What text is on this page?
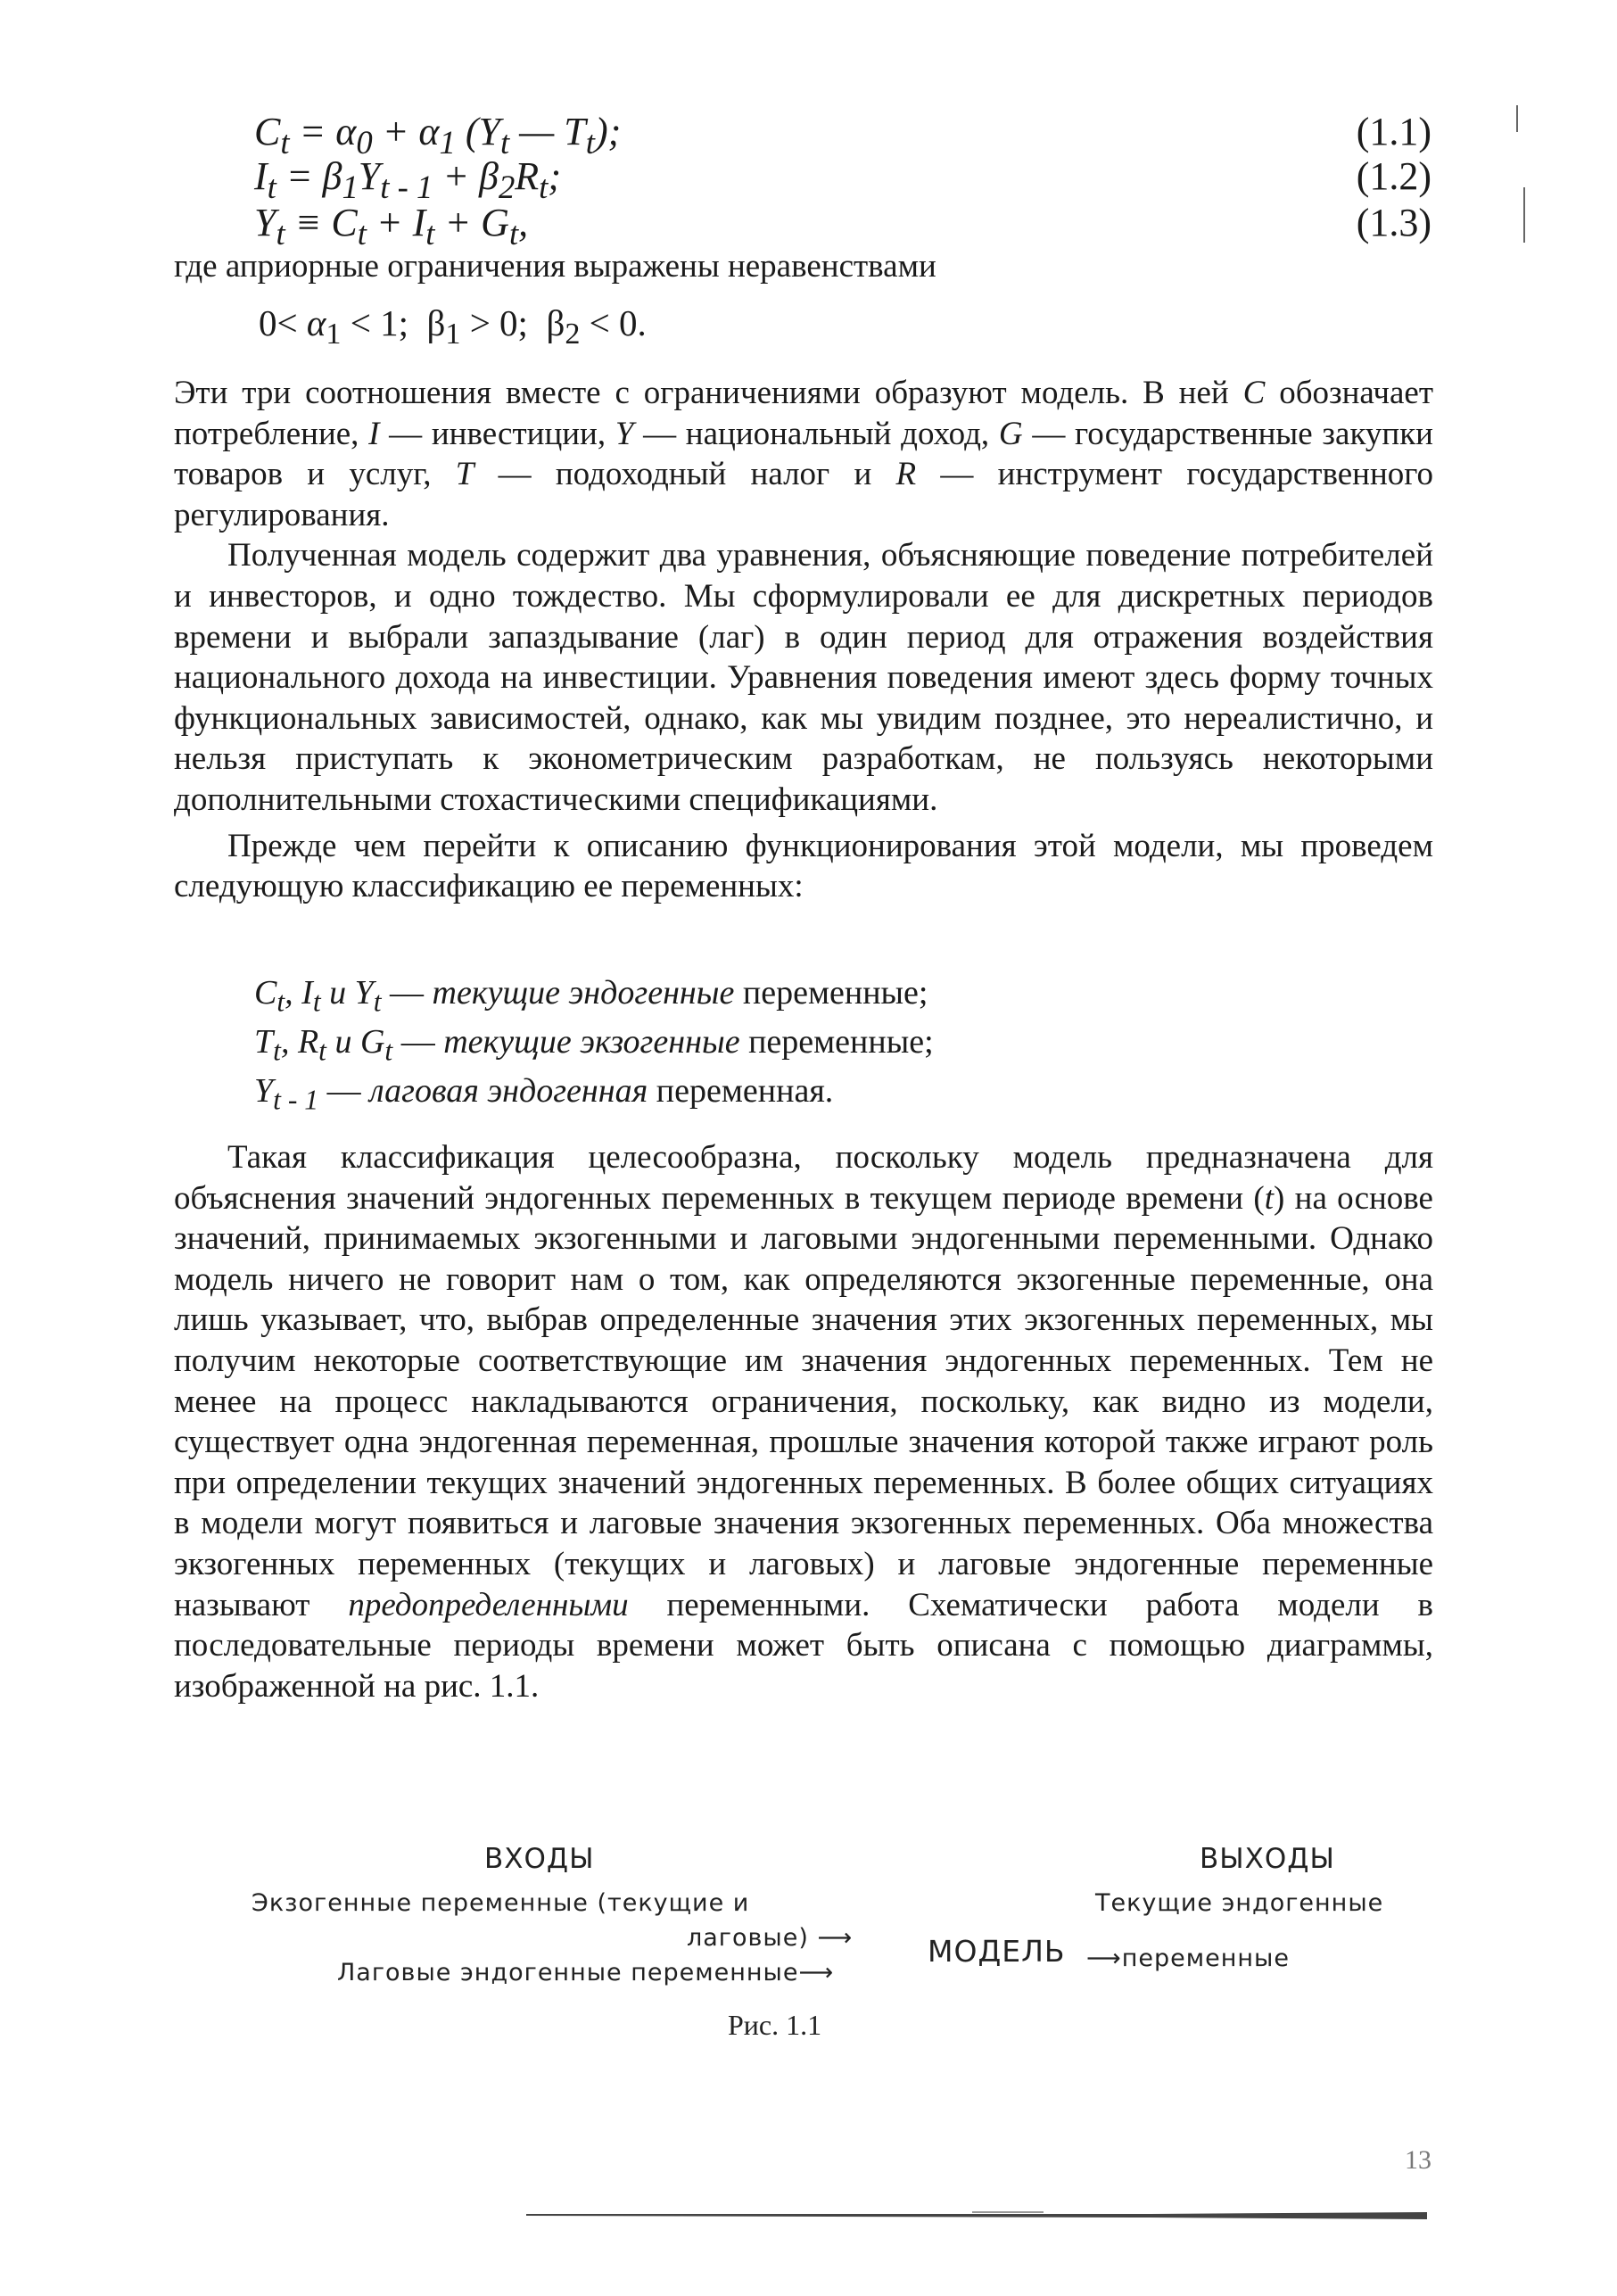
$C_t = \alpha_0 + \alpha_1$ ($Y_t$ — $T_t$);	(1.1)
$I_t = \beta_1Y_{t - 1} + \beta_2R_t$;	(1.2)
$Y_t \equiv C_t + I_t + G_t$,	(1.3)
где априорные ограничения выражены неравенствами
$0< \alpha_1 < 1$;  $\beta_1 > 0$;  $\beta_2 < 0$.

Эти три соотношения вместе с ограничениями образуют модель. В ней C обозначает потребление, I — инвестиции, Y — национальный доход, G — государственные закупки товаров и услуг, T — подоходный налог и R — инструмент государственного регулирования.

Полученная модель содержит два уравнения, объясняющие поведение потребителей и инвесторов, и одно тождество. Мы сформулировали ее для дискретных периодов времени и выбрали запаздывание (лаг) в один период для отражения воздействия национального дохода на инвестиции. Уравнения поведения имеют здесь форму точных функциональных зависимостей, однако, как мы увидим позднее, это нереалистично, и нельзя приступать к эконометрическим разработкам, не пользуясь некоторыми дополнительными стохастическими спецификациями.

Прежде чем перейти к описанию функционирования этой модели, мы проведем следующую классификацию ее переменных:

$C_t$, $I_t$ и $Y_t$ — текущие эндогенные переменные;
$T_t$, $R_t$ и $G_t$ — текущие экзогенные переменные;
$Y_{t - 1}$ — лаговая эндогенная переменная.

Такая классификация целесообразна, поскольку модель предназначена для объяснения значений эндогенных переменных в текущем периоде времени (t) на основе значений, принимаемых экзогенными и лаговыми эндогенными переменными. Однако модель ничего не говорит нам о том, как определяются экзогенные переменные, она лишь указывает, что, выбрав определенные значения этих экзогенных переменных, мы получим некоторые соответствующие им значения эндогенных переменных. Тем не менее на процесс накладываются ограничения, поскольку, как видно из модели, существует одна эндогенная переменная, прошлые значения которой также играют роль при определении текущих значений эндогенных переменных. В более общих ситуациях в модели могут появиться и лаговые значения экзогенных переменных. Оба множества экзогенных переменных (текущих и лаговых) и лаговые эндогенные переменные называют предопределенными переменными. Схематически работа модели в последовательные периоды времени может быть описана с помощью диаграммы, изображенной на рис. 1.1.

ВХОДЫ	ВЫХОДЫ
Экзогенные переменные (текущие и
лаговые) ⟶
Лаговые эндогенные переменные⟶
МОДЕЛЬ
Текущие эндогенные
⟶переменные
Рис. 1.1
13
